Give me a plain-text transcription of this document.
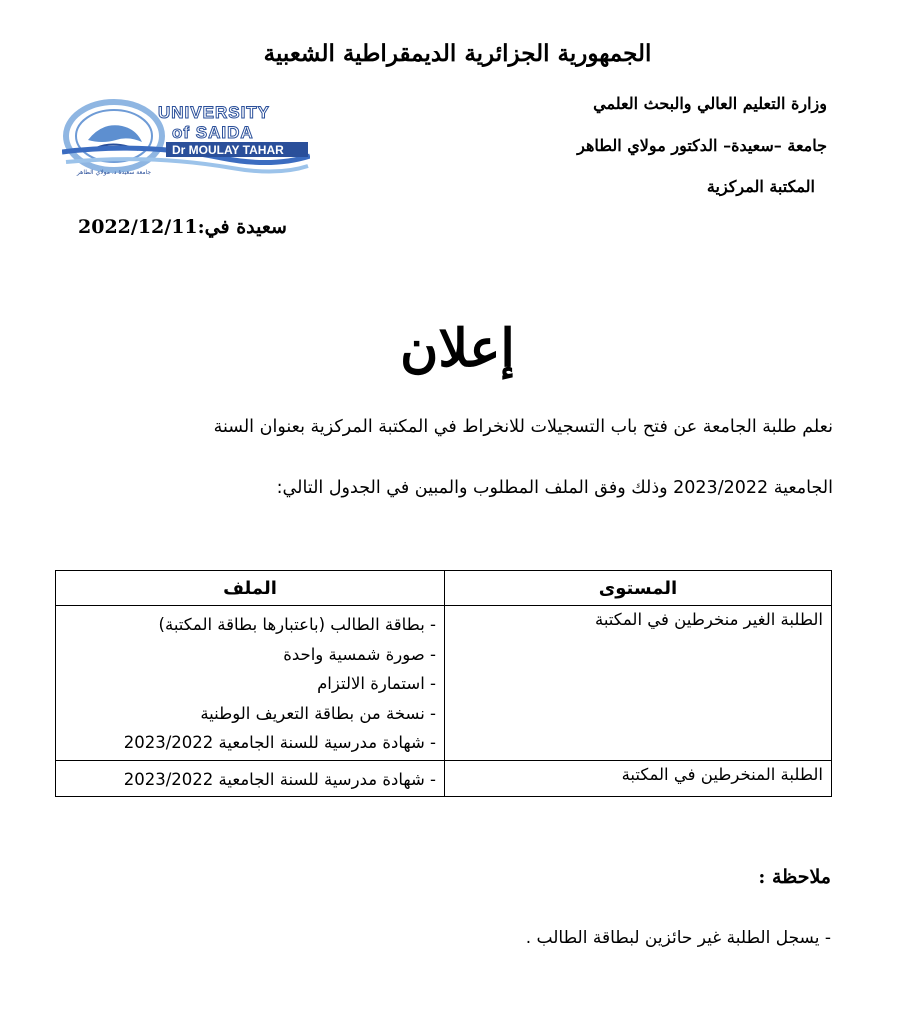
الجمهورية الجزائرية الديمقراطية الشعبية
وزارة التعليم العالي والبحث العلمي
جامعة –سعيدة– الدكتور مولاي الطاهر
المكتبة المركزية
UNIVERSITY
of SAIDA
Dr MOULAY TAHAR
جامعة سعيدة د. مولاي الطاهر
سعيدة في:2022/12/11
إعلان
نعلم طلبة الجامعة عن فتح باب التسجيلات للانخراط في المكتبة المركزية بعنوان السنة
الجامعية 2023/2022 وذلك وفق الملف المطلوب والمبين في الجدول التالي:
المستوى	الملف
الطلبة الغير منخرطين في المكتبة	- بطاقة الطالب (باعتبارها بطاقة المكتبة)
- صورة شمسية واحدة
- استمارة الالتزام
- نسخة من بطاقة التعريف الوطنية
- شهادة مدرسية للسنة الجامعية 2023/2022

الطلبة المنخرطين في المكتبة	- شهادة مدرسية للسنة الجامعية 2023/2022
ملاحظة :
- يسجل الطلبة غير حائزين لبطاقة الطالب .
